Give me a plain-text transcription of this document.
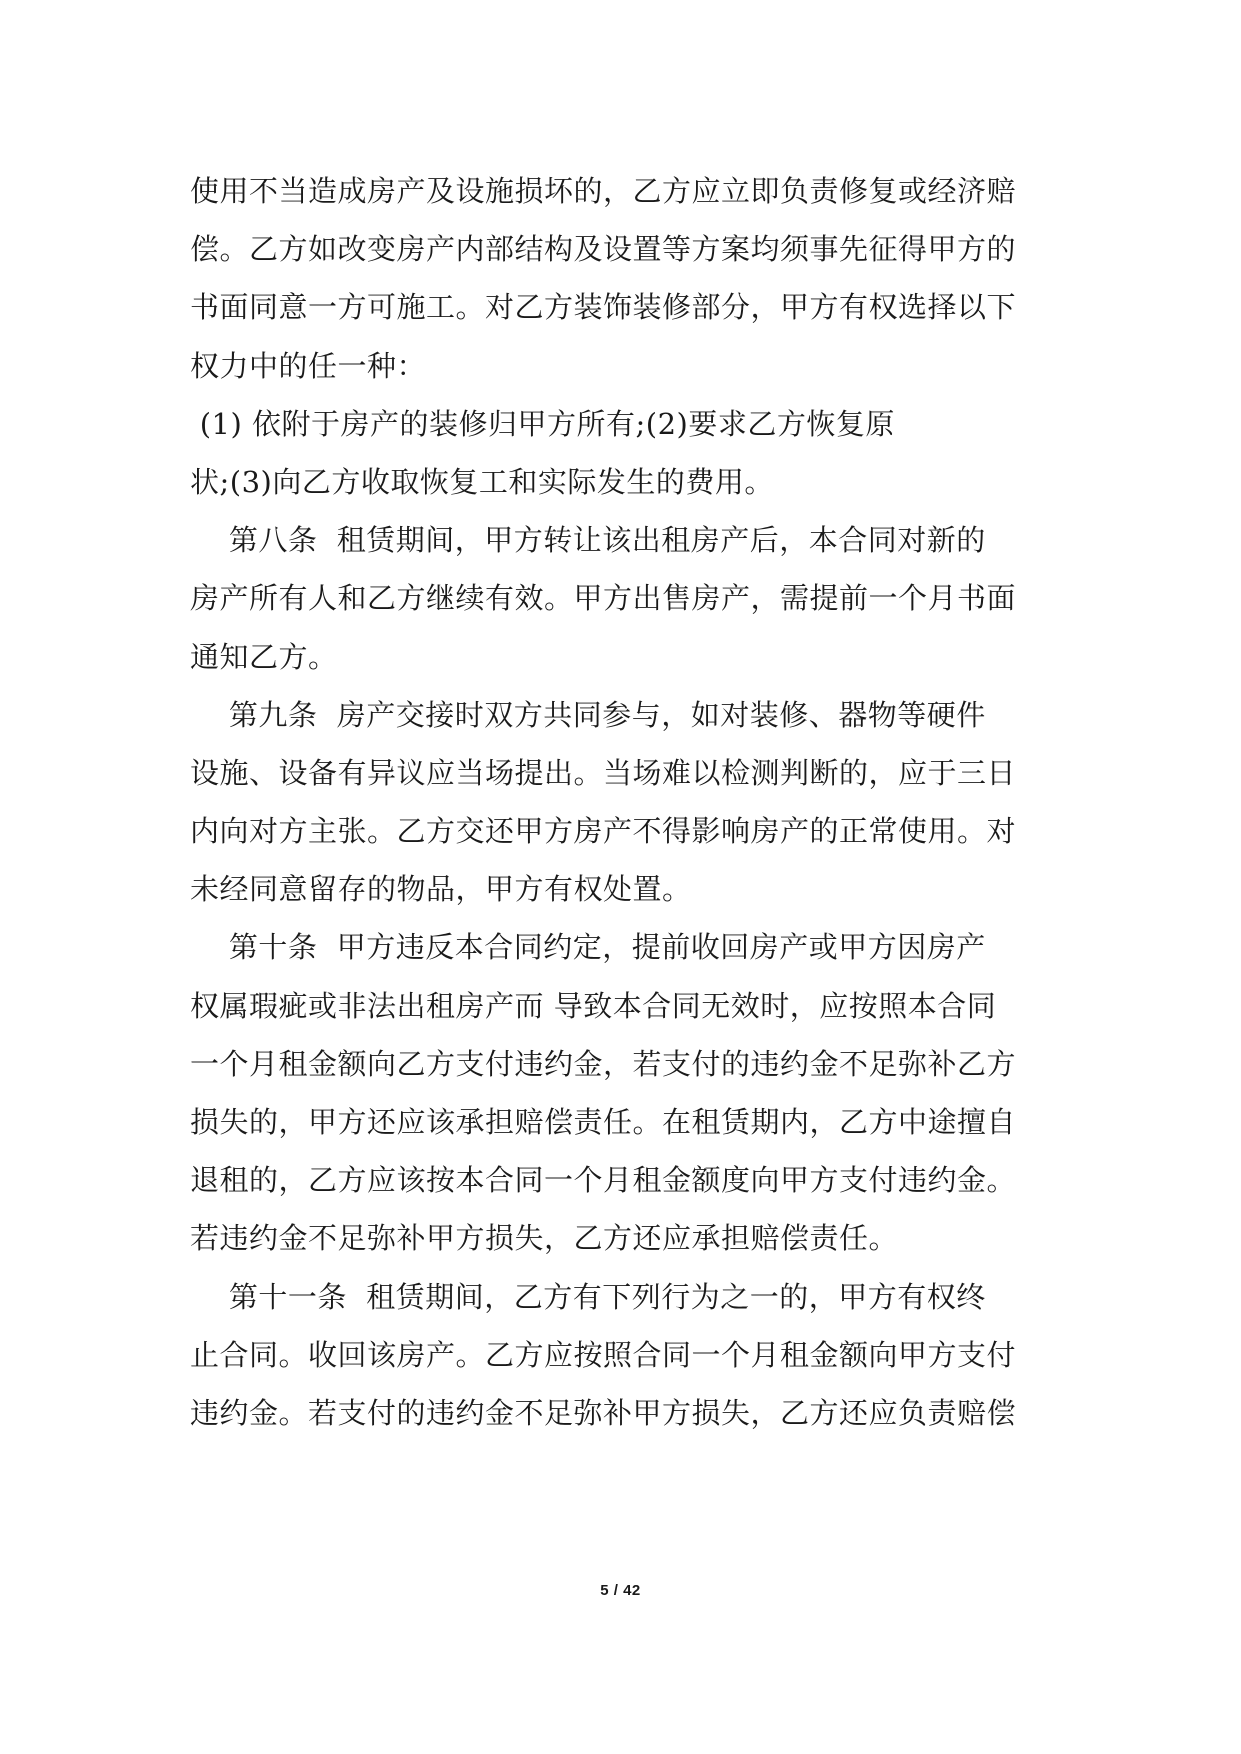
使用不当造成房产及设施损坏的，乙方应立即负责修复或经济赔
偿。乙方如改变房产内部结构及设置等方案均须事先征得甲方的
书面同意一方可施工。对乙方装饰装修部分，甲方有权选择以下
权力中的任一种：
(1) 依附于房产的装修归甲方所有;(2)要求乙方恢复原
状;(3)向乙方收取恢复工和实际发生的费用。
第八条  租赁期间，甲方转让该出租房产后，本合同对新的
房产所有人和乙方继续有效。甲方出售房产，需提前一个月书面
通知乙方。
第九条  房产交接时双方共同参与，如对装修、器物等硬件
设施、设备有异议应当场提出。当场难以检测判断的，应于三日
内向对方主张。乙方交还甲方房产不得影响房产的正常使用。对
未经同意留存的物品，甲方有权处置。
第十条  甲方违反本合同约定，提前收回房产或甲方因房产
权属瑕疵或非法出租房产而 导致本合同无效时，应按照本合同
一个月租金额向乙方支付违约金，若支付的违约金不足弥补乙方
损失的，甲方还应该承担赔偿责任。在租赁期内，乙方中途擅自
退租的，乙方应该按本合同一个月租金额度向甲方支付违约金。
若违约金不足弥补甲方损失，乙方还应承担赔偿责任。
第十一条  租赁期间，乙方有下列行为之一的，甲方有权终
止合同。收回该房产。乙方应按照合同一个月租金额向甲方支付
违约金。若支付的违约金不足弥补甲方损失，乙方还应负责赔偿
5 / 42
